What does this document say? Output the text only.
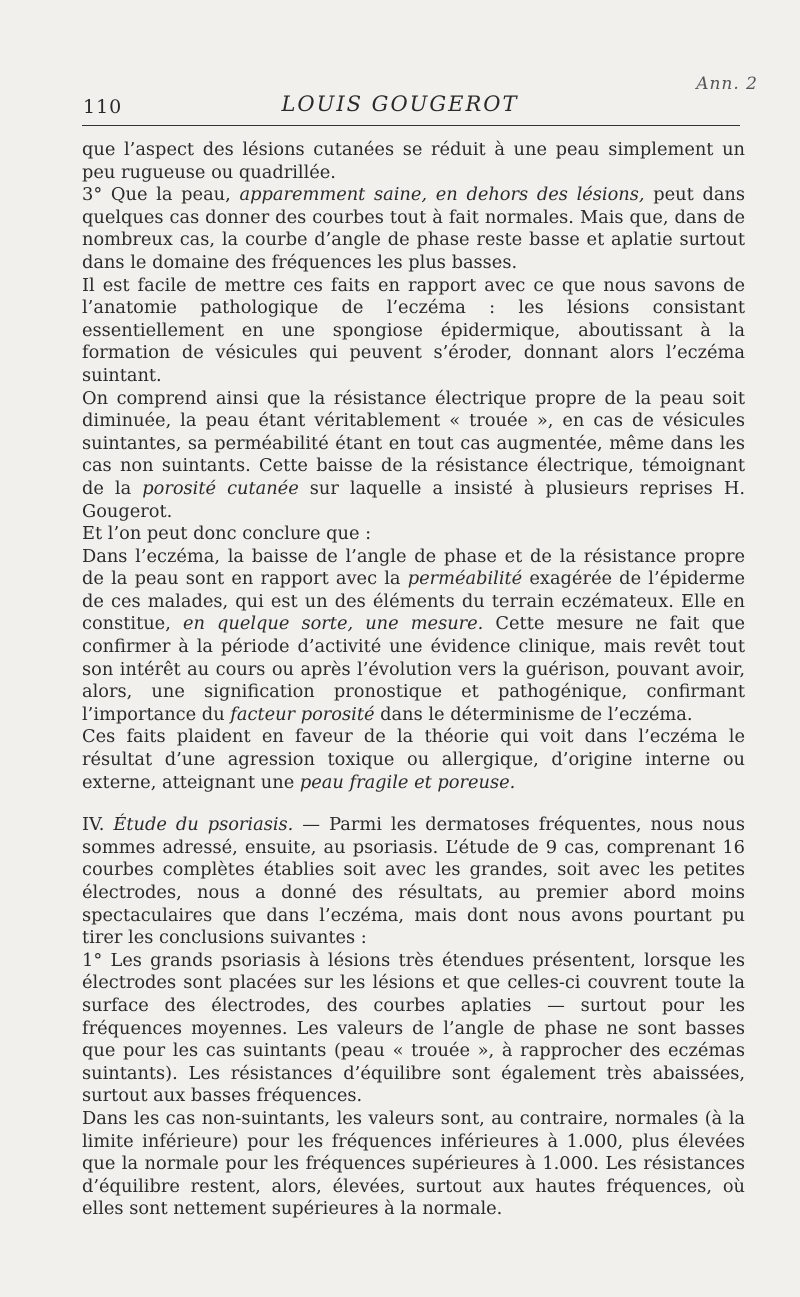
110	LOUIS GOUGEROT
Ann. 2

que l’aspect des lésions cutanées se réduit à une peau simplement un peu rugueuse ou quadrillée.

3° Que la peau, apparemment saine, en dehors des lésions, peut dans quelques cas donner des courbes tout à fait normales. Mais que, dans de nombreux cas, la courbe d’angle de phase reste basse et aplatie surtout dans le domaine des fréquences les plus basses.

Il est facile de mettre ces faits en rapport avec ce que nous savons de l’anatomie pathologique de l’eczéma : les lésions consistant essentiellement en une spongiose épidermique, aboutissant à la formation de vésicules qui peuvent s’éroder, donnant alors l’eczéma suintant.

On comprend ainsi que la résistance électrique propre de la peau soit diminuée, la peau étant véritablement « trouée », en cas de vésicules suintantes, sa perméabilité étant en tout cas augmentée, même dans les cas non suintants. Cette baisse de la résistance électrique, témoignant de la porosité cutanée sur laquelle a insisté à plusieurs reprises H. Gougerot.

Et l’on peut donc conclure que :

Dans l’eczéma, la baisse de l’angle de phase et de la résistance propre de la peau sont en rapport avec la perméabilité exagérée de l’épiderme de ces malades, qui est un des éléments du terrain eczémateux. Elle en constitue, en quelque sorte, une mesure. Cette mesure ne fait que confirmer à la période d’activité une évidence clinique, mais revêt tout son intérêt au cours ou après l’évolution vers la guérison, pouvant avoir, alors, une signification pronostique et pathogénique, confirmant l’importance du facteur porosité dans le déterminisme de l’eczéma.

Ces faits plaident en faveur de la théorie qui voit dans l’eczéma le résultat d’une agression toxique ou allergique, d’origine interne ou externe, atteignant une peau fragile et poreuse.

IV. Étude du psoriasis. — Parmi les dermatoses fréquentes, nous nous sommes adressé, ensuite, au psoriasis. L’étude de 9 cas, comprenant 16 courbes complètes établies soit avec les grandes, soit avec les petites électrodes, nous a donné des résultats, au premier abord moins spectaculaires que dans l’eczéma, mais dont nous avons pourtant pu tirer les conclusions suivantes :

1° Les grands psoriasis à lésions très étendues présentent, lorsque les électrodes sont placées sur les lésions et que celles-ci couvrent toute la surface des électrodes, des courbes aplaties — surtout pour les fréquences moyennes. Les valeurs de l’angle de phase ne sont basses que pour les cas suintants (peau « trouée », à rapprocher des eczémas suintants). Les résistances d’équilibre sont également très abaissées, surtout aux basses fréquences.

Dans les cas non-suintants, les valeurs sont, au contraire, normales (à la limite inférieure) pour les fréquences inférieures à 1.000, plus élevées que la normale pour les fréquences supérieures à 1.000. Les résistances d’équilibre restent, alors, élevées, surtout aux hautes fréquences, où elles sont nettement supérieures à la normale.
